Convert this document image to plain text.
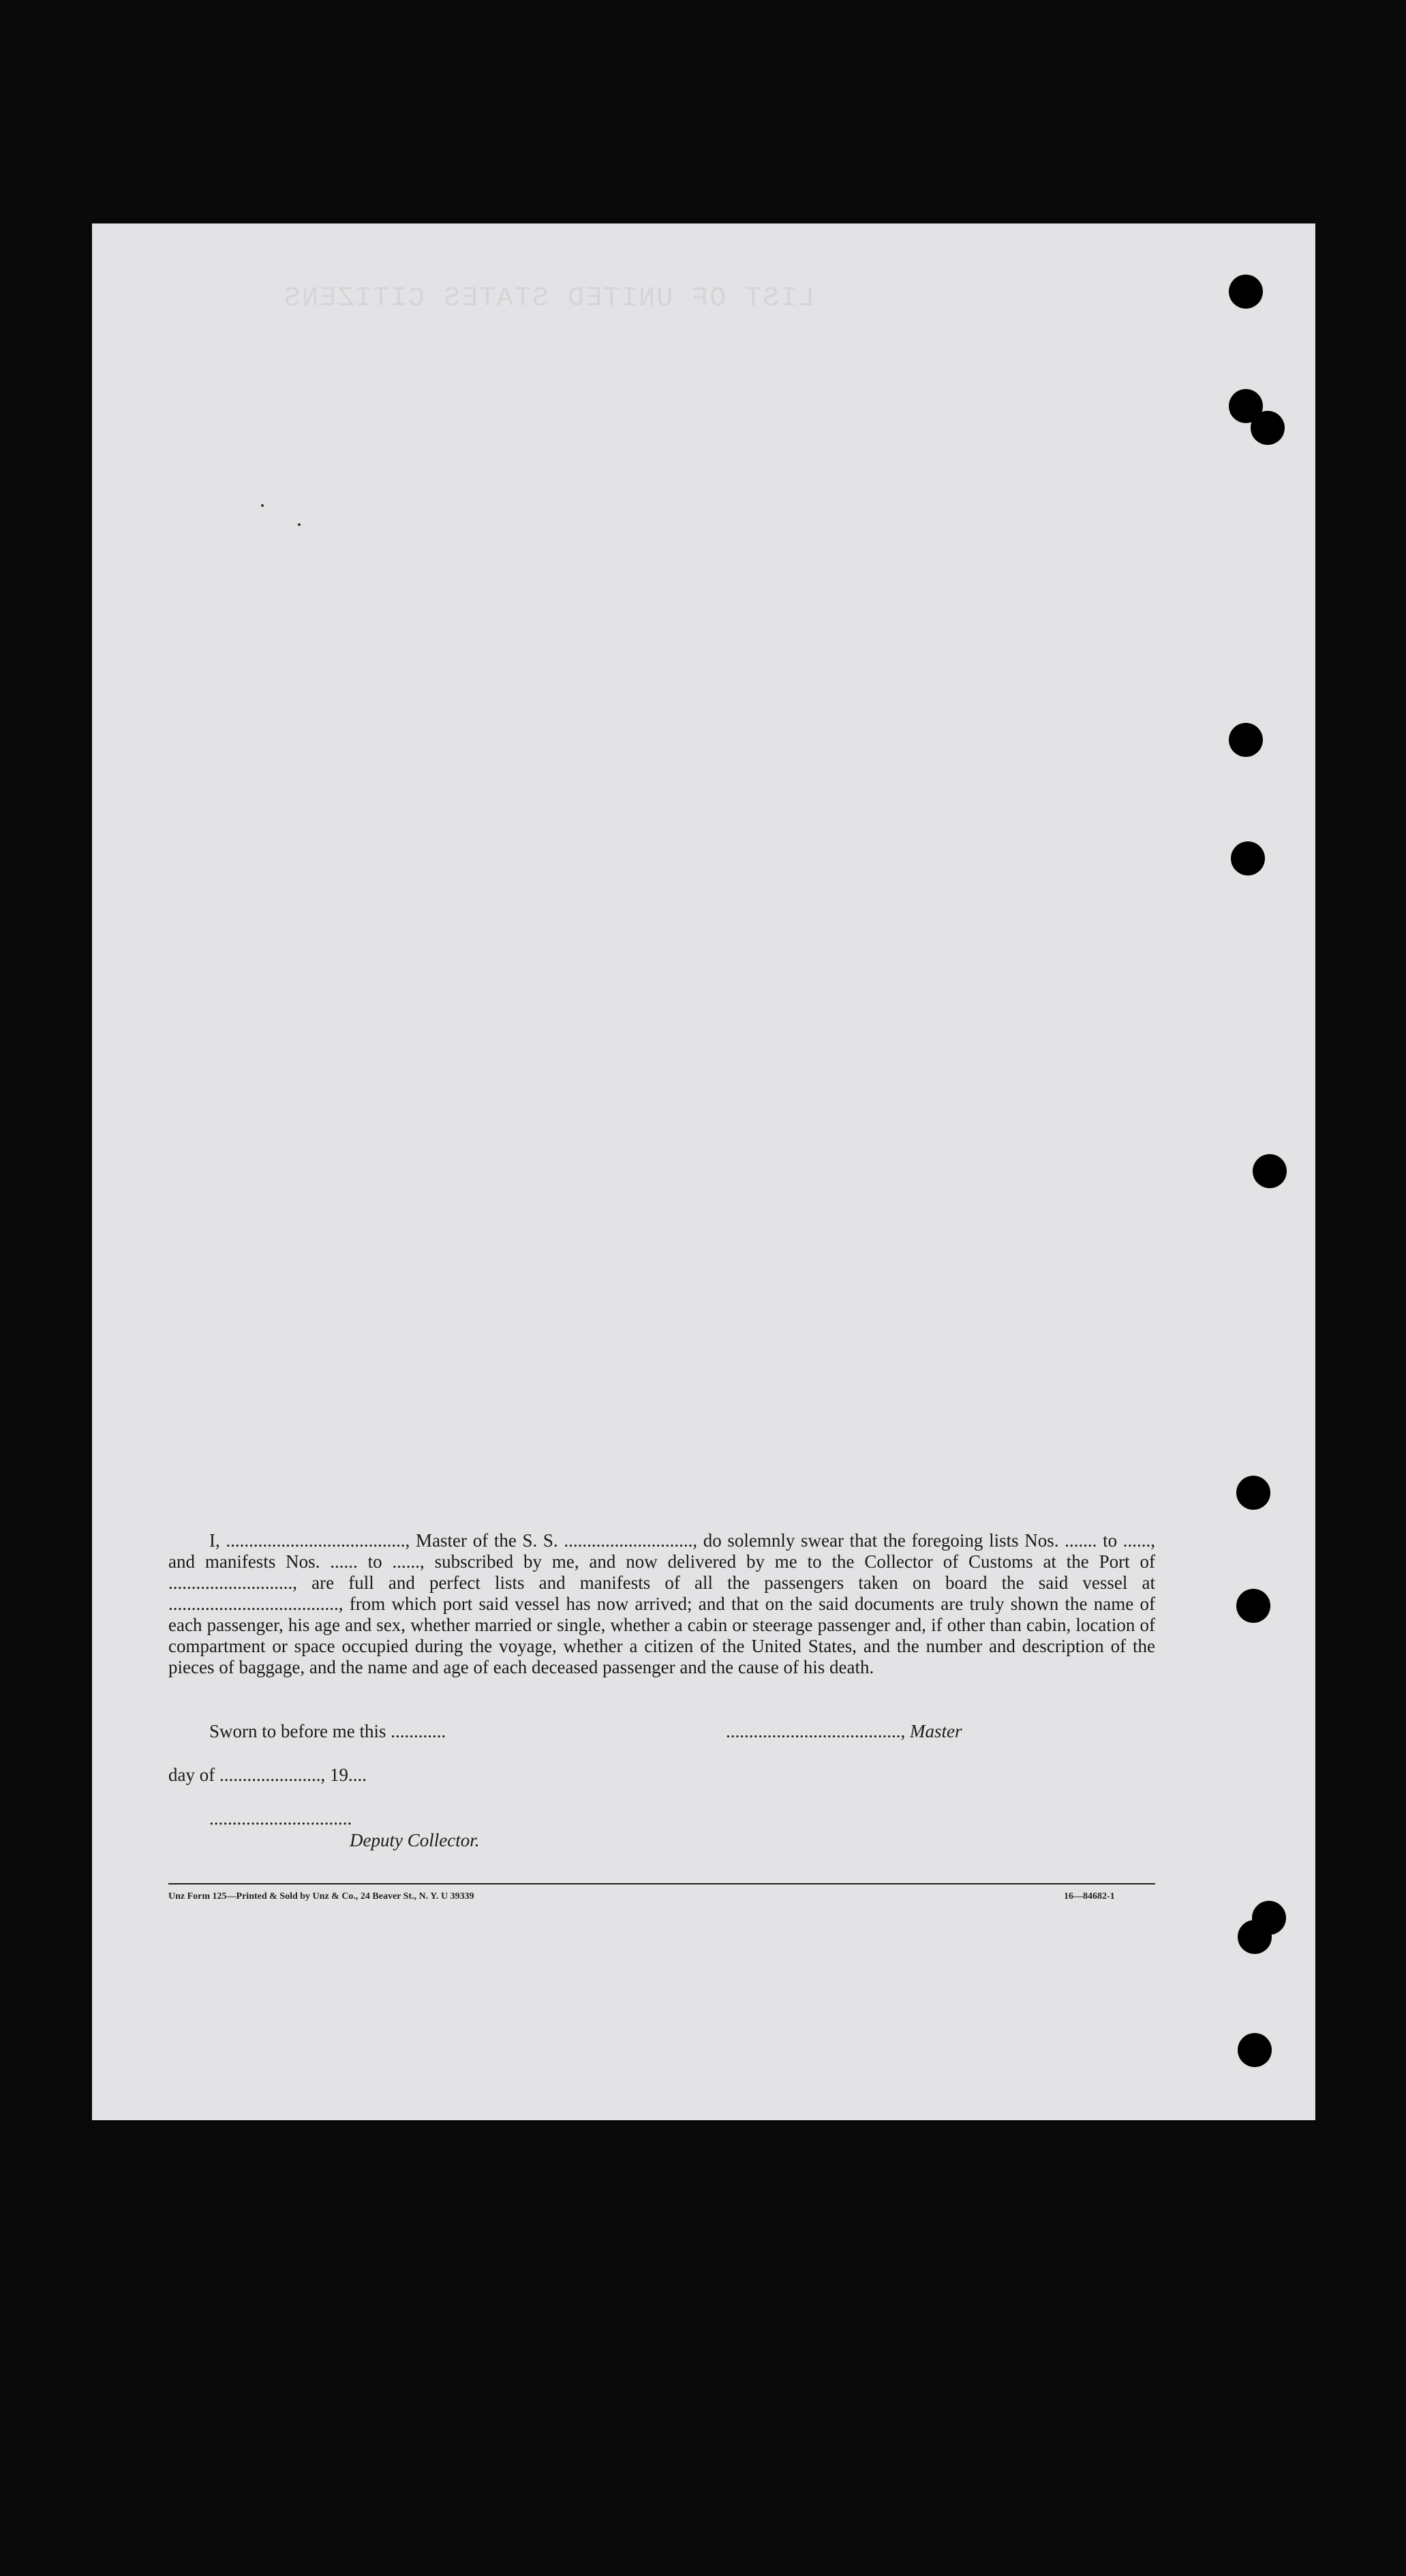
LIST OF UNITED STATES CITIZENS

I, ......................................., Master of the S. S. ............................, do solemnly swear that the foregoing lists Nos. ....... to ......, and manifests Nos. ...... to ......, subscribed by me, and now delivered by me to the Collector of Customs at the Port of ..........................., are full and perfect lists and manifests of all the passengers taken on board the said vessel at ....................................., from which port said vessel has now arrived; and that on the said documents are truly shown the name of each passenger, his age and sex, whether married or single, whether a cabin or steerage passenger and, if other than cabin, location of compartment or space occupied during the voyage, whether a citizen of the United States, and the number and description of the pieces of baggage, and the name and age of each deceased passenger and the cause of his death.

Sworn to before me this ............	......................................, Master
day of ......................, 19....
...............................
Deputy Collector.
Unz Form 125—Printed & Sold by Unz & Co., 24 Beaver St., N. Y. U 39339	16—84682-1
